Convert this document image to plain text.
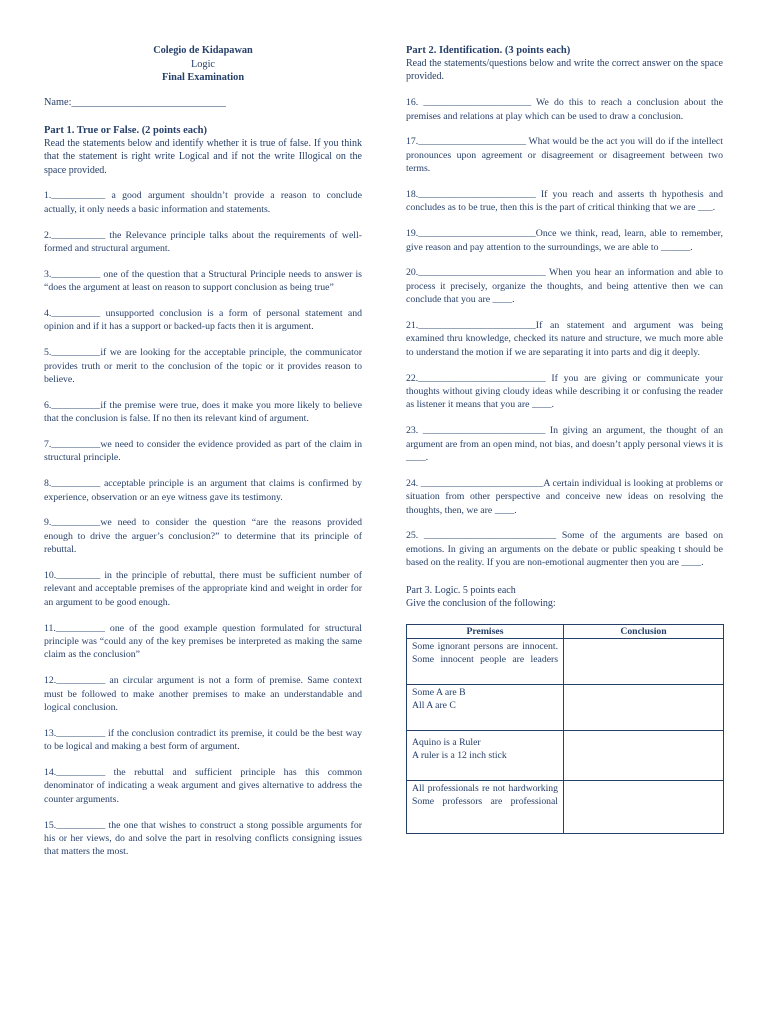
Colegio de Kidapawan
Logic
Final Examination
Name:______________________________
Part 1. True or False. (2 points each)
Read the statements below and identify whether it is true of false. If you think that the statement is right write Logical and if not the write Illogical on the space provided.
1.___________ a good argument shouldn’t provide a reason to conclude actually, it only needs a basic information and statements.
2.___________ the Relevance principle talks about the requirements of well-formed and structural argument.
3.__________ one of the question that a Structural Principle needs to answer is “does the argument at least on reason to support conclusion as being true”
4.__________ unsupported conclusion is a form of personal statement and opinion and if it has a support or backed-up facts then it is argument.
5.__________if we are looking for the acceptable principle, the communicator provides truth or merit to the conclusion of the topic or it provides reason to believe.
6.__________if the premise were true, does it make you more likely to believe that the conclusion is false. If no then its relevant kind of argument.
7.__________we need to consider the evidence provided as part of the claim in structural principle.
8.__________ acceptable principle is an argument that claims is confirmed by experience, observation or an eye witness gave its testimony.
9.__________we need to consider the question “are the reasons provided enough to drive the arguer’s conclusion?” to determine that its principle of rebuttal.
10._________ in the principle of rebuttal, there must be sufficient number of relevant and acceptable premises of the appropriate kind and weight in order for an argument to be good enough.
11.__________ one of the good example question formulated for structural principle was “could any of the key premises be interpreted as making the same claim as the conclusion”
12.__________ an circular argument is not a form of premise. Same context must be followed to make another premises to make an understandable and logical conclusion.
13.__________ if the conclusion contradict its premise, it could be the best way to be logical and making a best form of argument.
14.__________ the rebuttal and sufficient principle has this common denominator of indicating a weak argument and gives alternative to address the counter arguments.
15.__________ the one that wishes to construct a stong possible arguments for his or her views, do and solve the part in resolving conflicts consigning issues that matters the most.
Part 2. Identification. (3 points each)
Read the statements/questions below and write the correct answer on the space provided.
16. ______________________ We do this to reach a conclusion about the premises and relations at play which can be used to draw a conclusion.
17.______________________ What would be the act you will do if the intellect pronounces upon agreement or disagreement or disagreement between two terms.
18.________________________ If you reach and asserts th hypothesis and concludes as to be true, then this is the part of critical thinking that we are ___.
19.________________________Once we think, read, learn, able to remember, give reason and pay attention to the surroundings, we are able to ______.
20.__________________________ When you hear an information and able to process it precisely, organize the thoughts, and being attentive then we can conclude that you are ____.
21.________________________If an statement and argument was being examined thru knowledge, checked its nature and structure, we much more able to understand the motion if we are separating it into parts and dig it deeply.
22.__________________________ If you are giving or communicate your thoughts without giving cloudy ideas while describing it or confusing the reader as listener it means that you are ____.
23. _________________________ In giving an argument, the thought of an argument are from an open mind, not bias, and doesn’t apply personal views it is ____.
24. _________________________A certain individual is looking at problems or situation from other perspective and conceive new ideas on resolving the thoughts, then, we are ____.
25. ___________________________ Some of the arguments are based on emotions. In giving an arguments on the debate or public speaking t should be based on the reality. If you are non-emotional augmenter then you are ____.
Part 3. Logic. 5 points each
Give the conclusion of the following:
Premises	Conclusion

Some ignorant persons are innocent.
Some innocent people are leaders	

Some A are B
All A are C	

Aquino is a Ruler
A ruler is a 12 inch stick	

All professionals re not hardworking
Some professors are professional	
